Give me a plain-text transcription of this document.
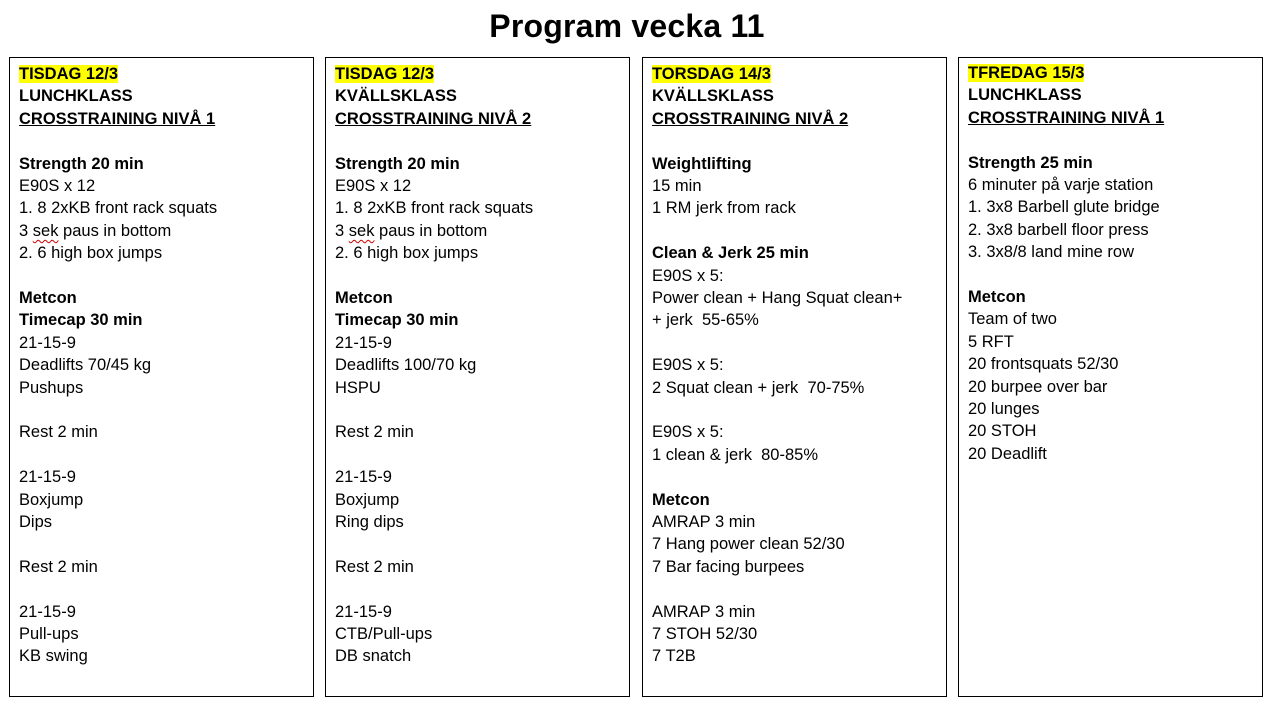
Program vecka 11
TISDAG 12/3
LUNCHKLASS
CROSSTRAINING NIVÅ 1
Strength 20 min
E90S x 12
1. 8 2xKB front rack squats
3 sek paus in bottom
2. 6 high box jumps
Metcon
Timecap 30 min
21-15-9
Deadlifts 70/45 kg
Pushups
Rest 2 min
21-15-9
Boxjump
Dips
Rest 2 min
21-15-9
Pull-ups
KB swing
TISDAG 12/3
KVÄLLSKLASS
CROSSTRAINING NIVÅ 2
Strength 20 min
E90S x 12
1. 8 2xKB front rack squats
3 sek paus in bottom
2. 6 high box jumps
Metcon
Timecap 30 min
21-15-9
Deadlifts 100/70 kg
HSPU
Rest 2 min
21-15-9
Boxjump
Ring dips
Rest 2 min
21-15-9
CTB/Pull-ups
DB snatch
TORSDAG 14/3
KVÄLLSKLASS
CROSSTRAINING NIVÅ 2
Weightlifting
15 min
1 RM jerk from rack
Clean & Jerk 25 min
E90S x 5:
Power clean + Hang Squat clean+
+ jerk  55-65%
E90S x 5:
2 Squat clean + jerk  70-75%
E90S x 5:
1 clean & jerk  80-85%
Metcon
AMRAP 3 min
7 Hang power clean 52/30
7 Bar facing burpees
AMRAP 3 min
7 STOH 52/30
7 T2B
TFREDAG 15/3
LUNCHKLASS
CROSSTRAINING NIVÅ 1
Strength 25 min
6 minuter på varje station
1. 3x8 Barbell glute bridge
2. 3x8 barbell floor press
3. 3x8/8 land mine row
Metcon
Team of two
5 RFT
20 frontsquats 52/30
20 burpee over bar
20 lunges
20 STOH
20 Deadlift
